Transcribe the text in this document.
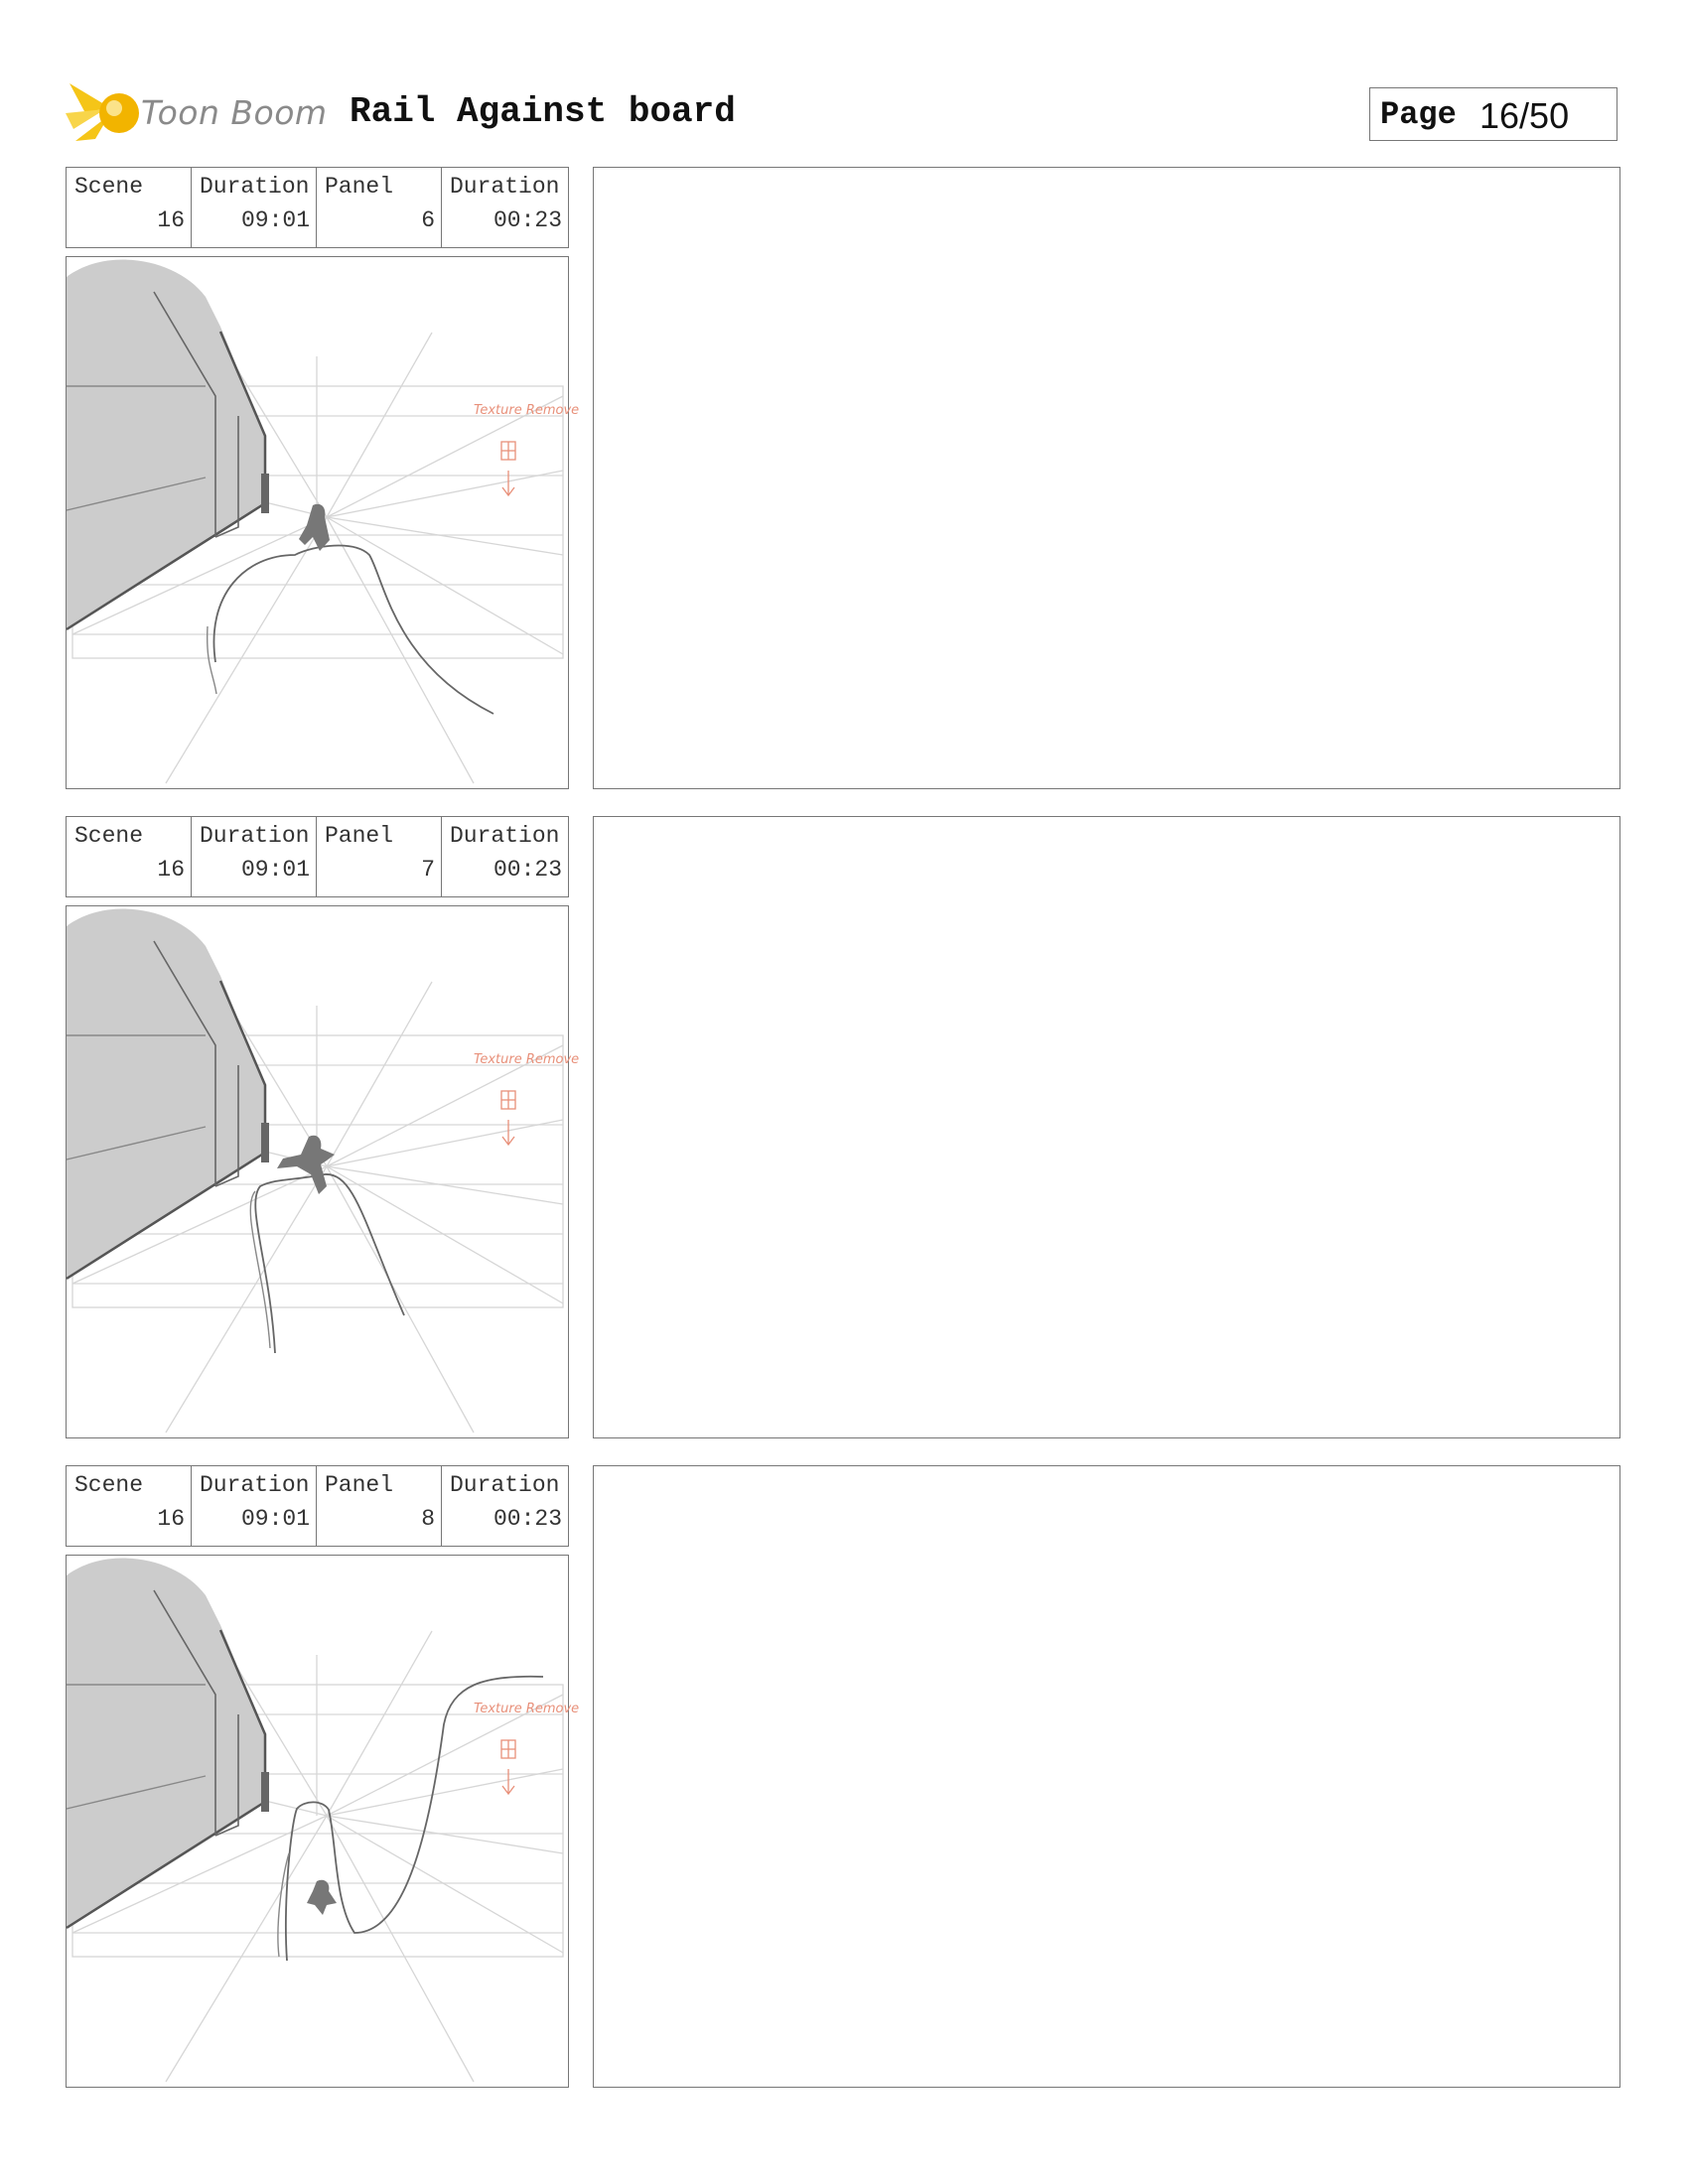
Toon Boom Rail Against board	Page 16/50
Scene
16
Duration
09:01
Panel
6
Duration
00:23
Texture Remove
Scene
16
Duration
09:01
Panel
7
Duration
00:23
Texture Remove
Scene
16
Duration
09:01
Panel
8
Duration
00:23
Texture Remove
